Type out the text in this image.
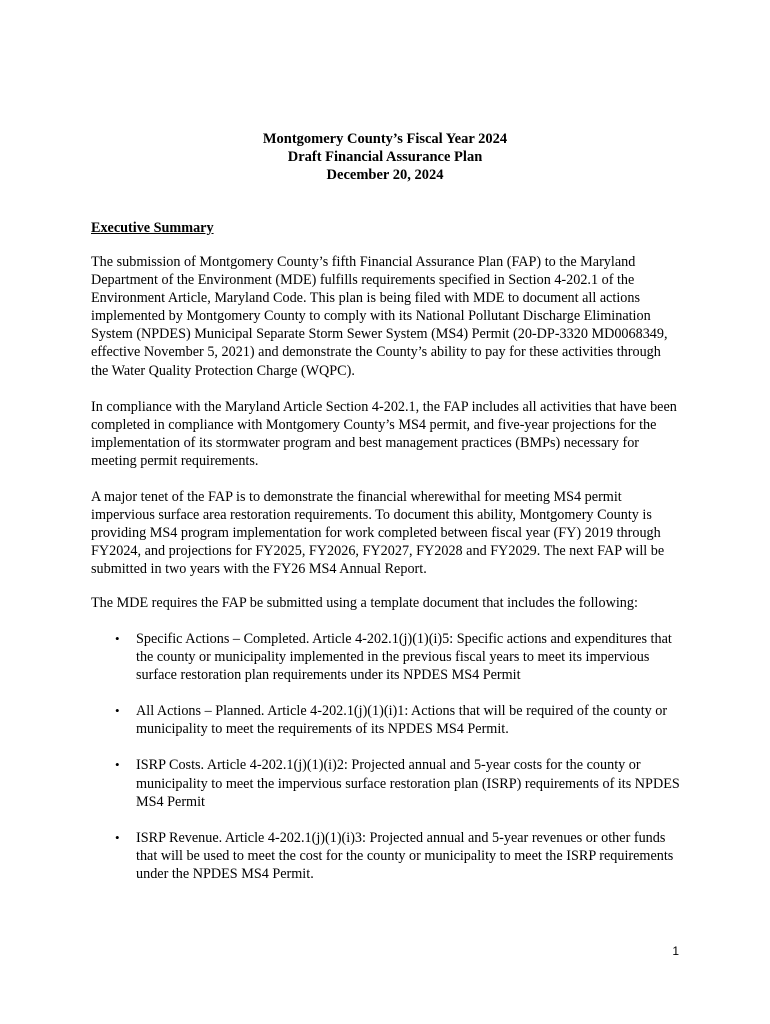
Montgomery County’s Fiscal Year 2024
Draft Financial Assurance Plan
December 20, 2024
Executive Summary

The submission of Montgomery County’s fifth Financial Assurance Plan (FAP) to the Maryland Department of the Environment (MDE) fulfills requirements specified in Section 4-202.1 of the Environment Article, Maryland Code. This plan is being filed with MDE to document all actions implemented by Montgomery County to comply with its National Pollutant Discharge Elimination System (NPDES) Municipal Separate Storm Sewer System (MS4) Permit (20-DP-3320 MD0068349, effective November 5, 2021) and demonstrate the County’s ability to pay for these activities through the Water Quality Protection Charge (WQPC).

In compliance with the Maryland Article Section 4-202.1, the FAP includes all activities that have been completed in compliance with Montgomery County’s MS4 permit, and five-year projections for the implementation of its stormwater program and best management practices (BMPs) necessary for meeting permit requirements.

A major tenet of the FAP is to demonstrate the financial wherewithal for meeting MS4 permit impervious surface area restoration requirements. To document this ability, Montgomery County is providing MS4 program implementation for work completed between fiscal year (FY) 2019 through FY2024, and projections for FY2025, FY2026, FY2027, FY2028 and FY2029. The next FAP will be submitted in two years with the FY26 MS4 Annual Report.

The MDE requires the FAP be submitted using a template document that includes the following:

• Specific Actions – Completed. Article 4-202.1(j)(1)(i)5: Specific actions and expenditures that the county or municipality implemented in the previous fiscal years to meet its impervious surface restoration plan requirements under its NPDES MS4 Permit
• All Actions – Planned. Article 4-202.1(j)(1)(i)1: Actions that will be required of the county or municipality to meet the requirements of its NPDES MS4 Permit.
• ISRP Costs. Article 4-202.1(j)(1)(i)2: Projected annual and 5-year costs for the county or municipality to meet the impervious surface restoration plan (ISRP) requirements of its NPDES MS4 Permit
• ISRP Revenue. Article 4-202.1(j)(1)(i)3: Projected annual and 5-year revenues or other funds that will be used to meet the cost for the county or municipality to meet the ISRP requirements under the NPDES MS4 Permit.
1
